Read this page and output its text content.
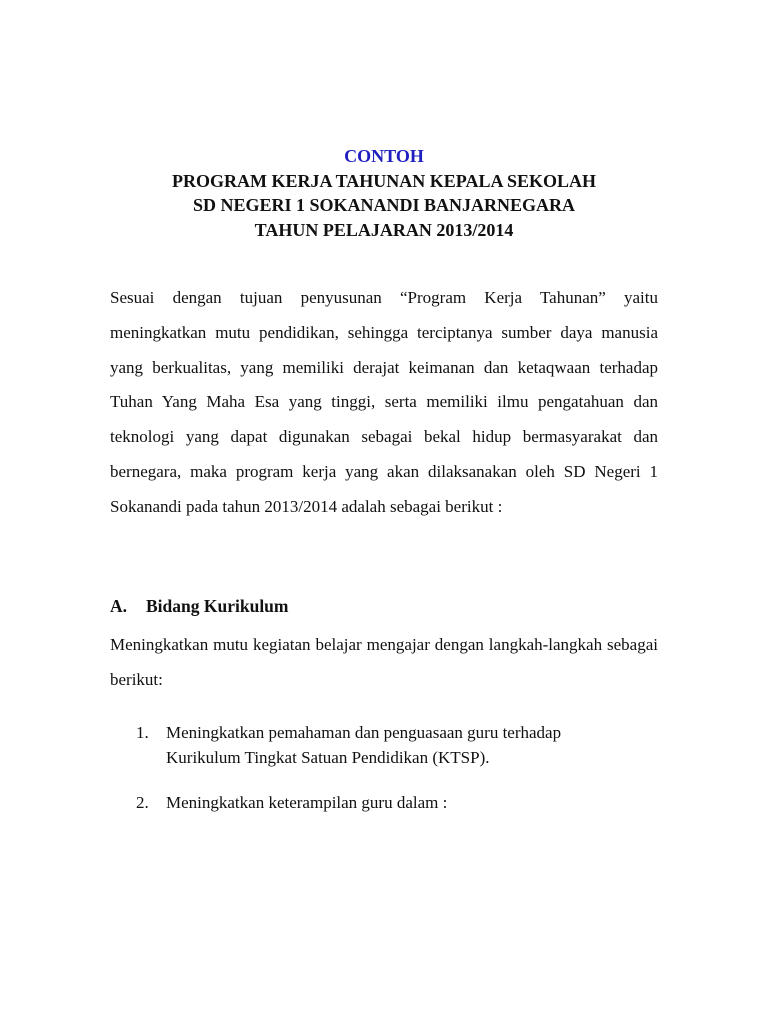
CONTOH
PROGRAM KERJA TAHUNAN KEPALA SEKOLAH
SD NEGERI 1 SOKANANDI BANJARNEGARA
TAHUN PELAJARAN 2013/2014

Sesuai dengan tujuan penyusunan “Program Kerja Tahunan” yaitu meningkatkan mutu pendidikan, sehingga terciptanya sumber daya manusia yang berkualitas, yang memiliki derajat keimanan dan ketaqwaan terhadap Tuhan Yang Maha Esa yang tinggi, serta memiliki ilmu pengatahuan dan teknologi yang dapat digunakan sebagai bekal hidup bermasyarakat dan bernegara, maka program kerja yang akan dilaksanakan oleh SD Negeri 1 Sokanandi pada tahun 2013/2014 adalah sebagai berikut :

A. Bidang Kurikulum

Meningkatkan mutu kegiatan belajar mengajar dengan langkah-langkah sebagai berikut:

1. Meningkatkan pemahaman dan penguasaan guru terhadap
Kurikulum Tingkat Satuan Pendidikan (KTSP).
2. Meningkatkan keterampilan guru dalam :
